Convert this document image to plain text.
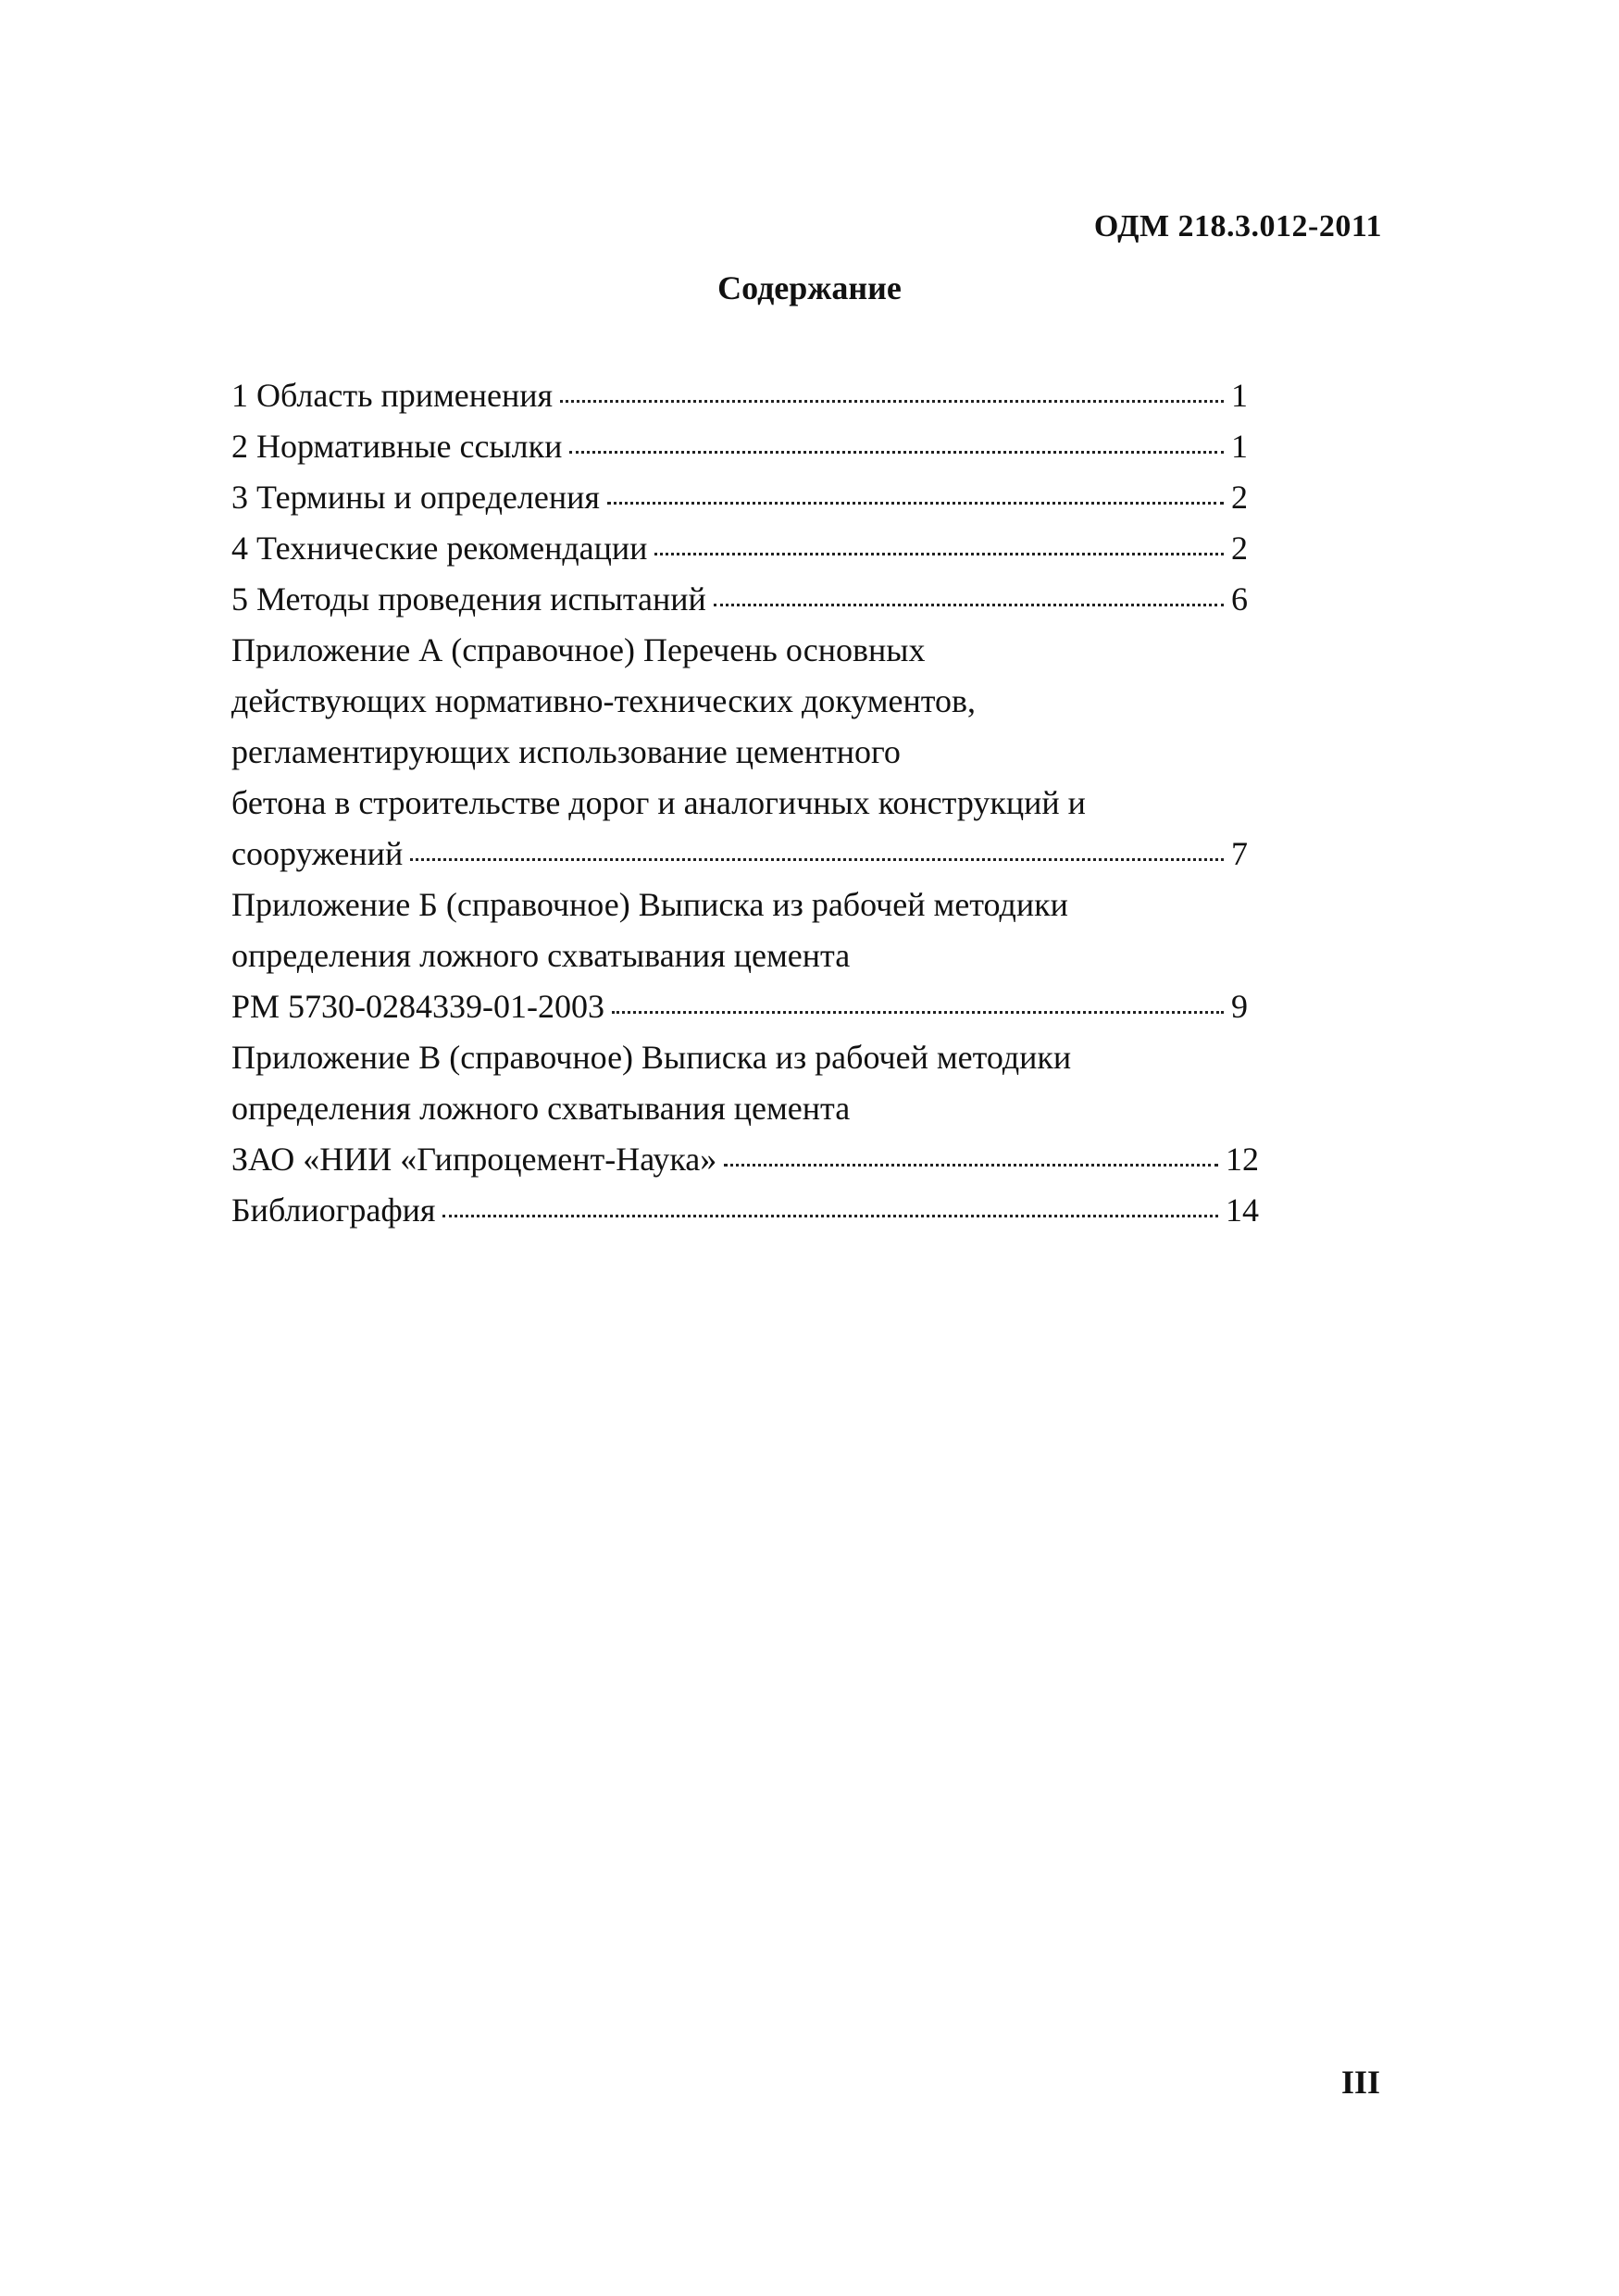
ОДМ 218.3.012-2011
Содержание
1 Область применения	1
2 Нормативные ссылки	1
3 Термины и определения	2
4 Технические рекомендации	2
5 Методы проведения испытаний	6
Приложение А (справочное) Перечень основных
действующих нормативно-технических документов,
регламентирующих использование цементного
бетона в строительстве дорог и аналогичных конструкций и
сооружений	7
Приложение Б (справочное) Выписка из рабочей методики
определения ложного схватывания цемента
РМ 5730-0284339-01-2003	9
Приложение В (справочное) Выписка из рабочей методики
определения ложного схватывания цемента
ЗАО «НИИ «Гипроцемент-Наука»	12
Библиография	14
III
